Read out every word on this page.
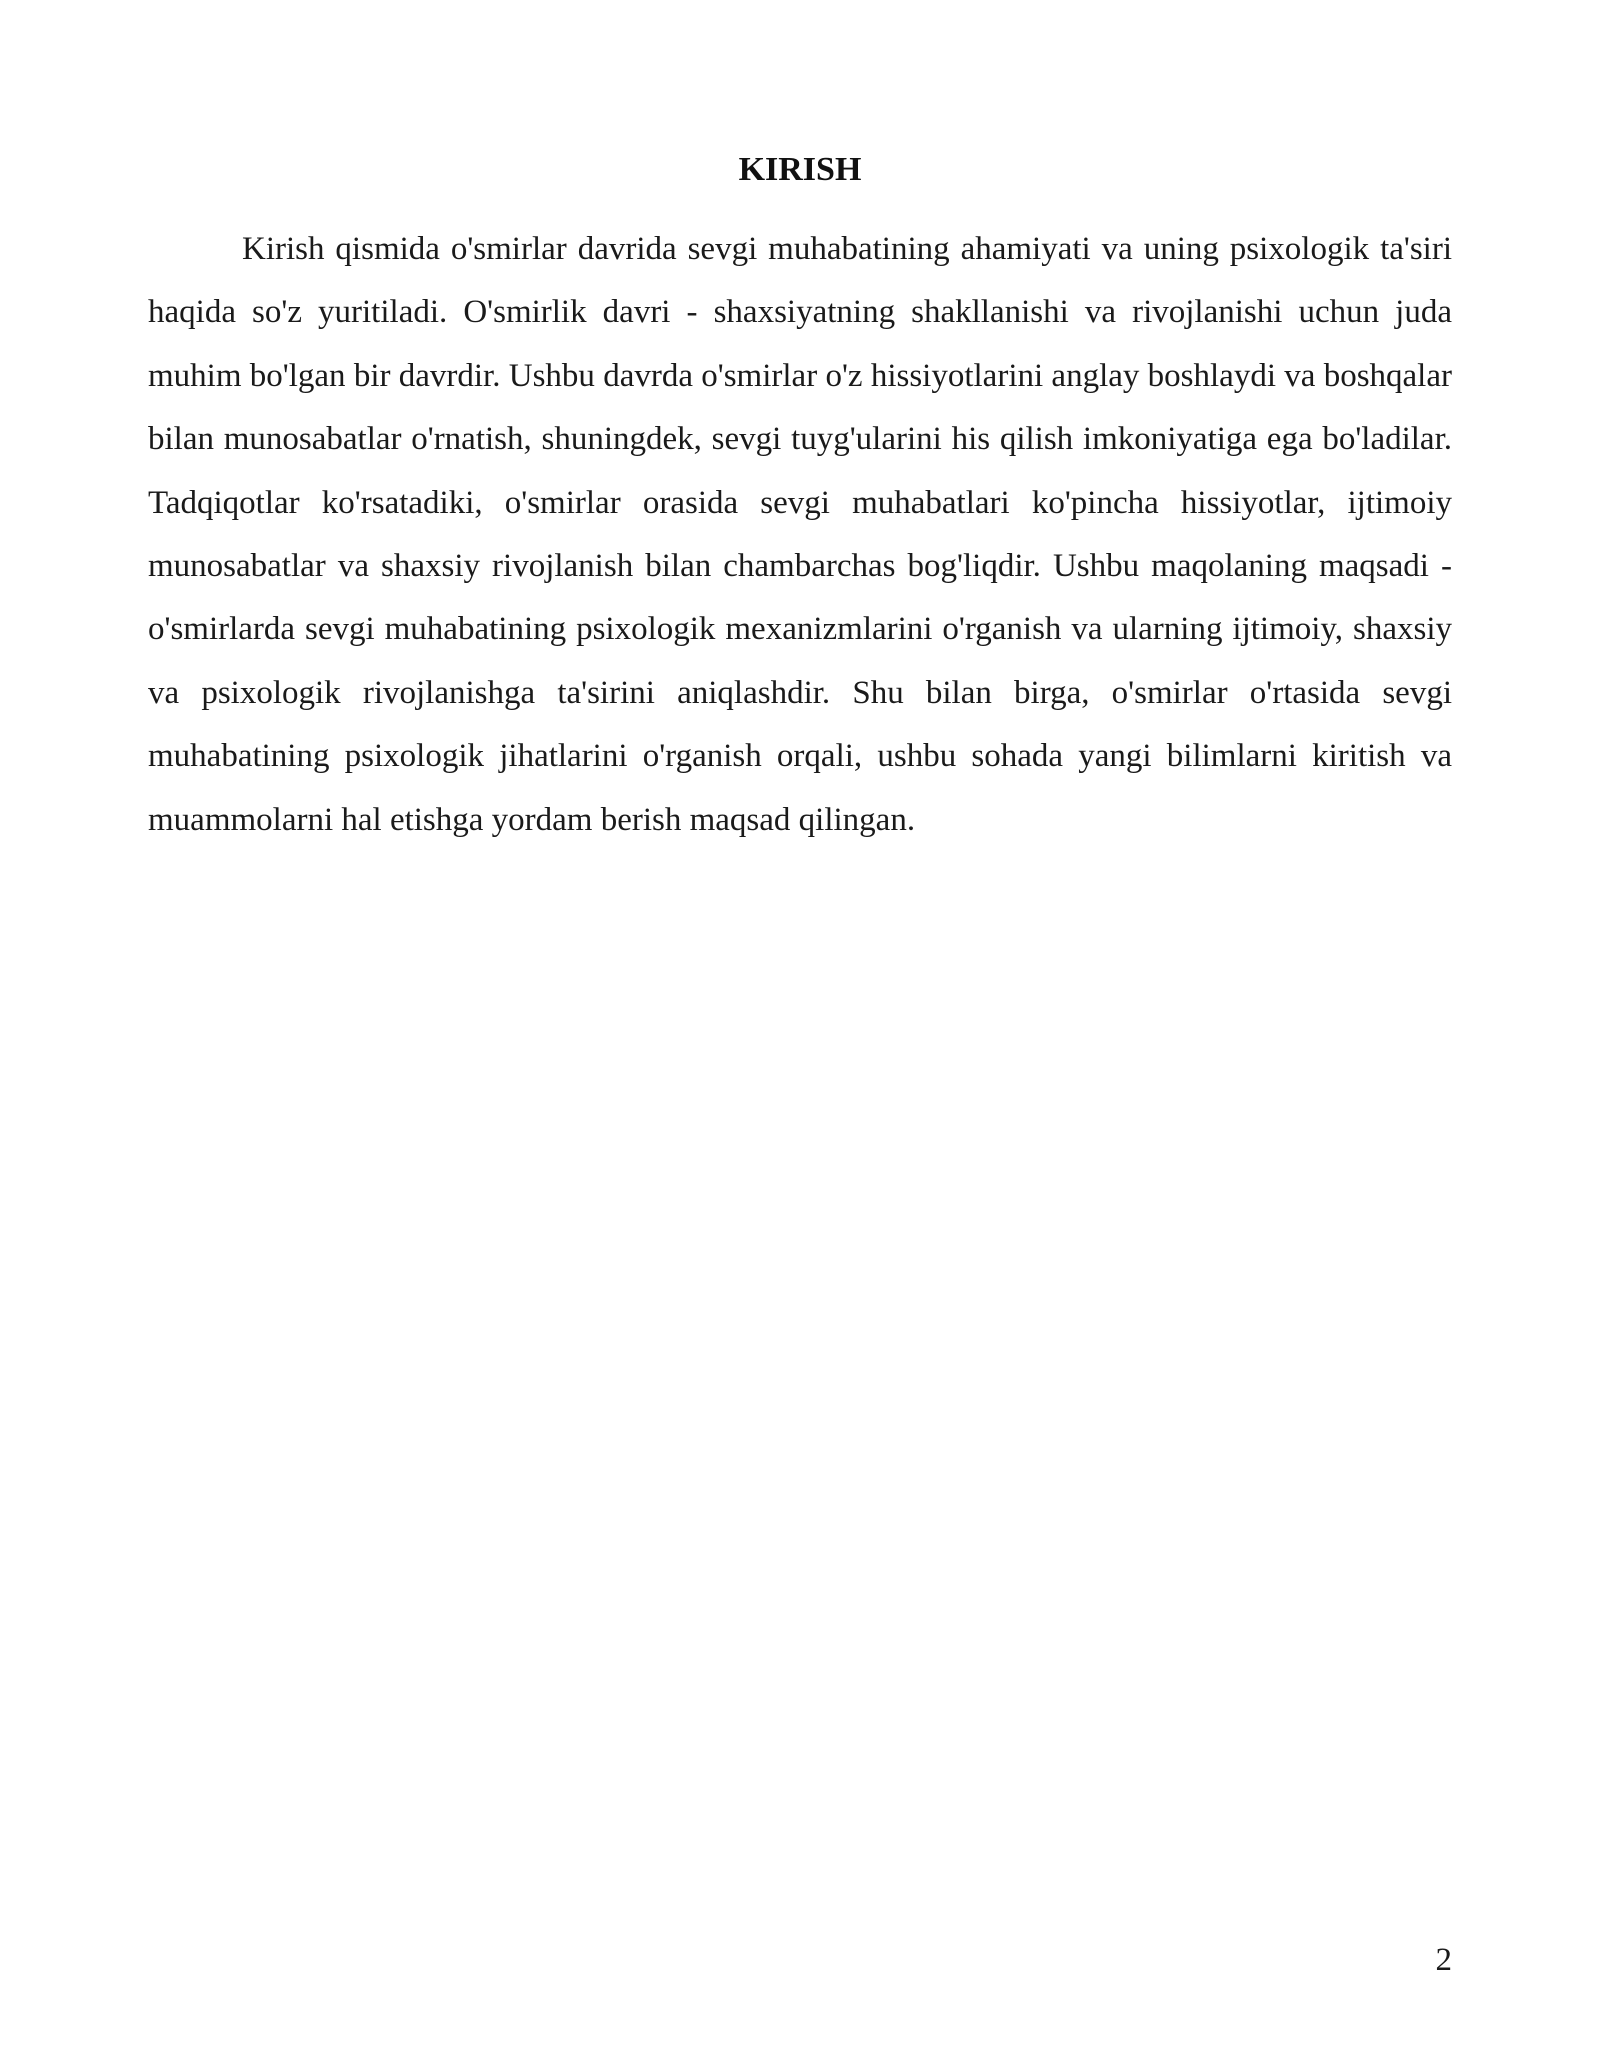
KIRISH

Kirish qismida o'smirlar davrida sevgi muhabatining ahamiyati va uning psixologik ta'siri haqida so'z yuritiladi. O'smirlik davri - shaxsiyatning shakllanishi va rivojlanishi uchun juda muhim bo'lgan bir davrdir. Ushbu davrda o'smirlar o'z hissiyotlarini anglay boshlaydi va boshqalar bilan munosabatlar o'rnatish, shuningdek, sevgi tuyg'ularini his qilish imkoniyatiga ega bo'ladilar. Tadqiqotlar ko'rsatadiki, o'smirlar orasida sevgi muhabatlari ko'pincha hissiyotlar, ijtimoiy munosabatlar va shaxsiy rivojlanish bilan chambarchas bog'liqdir. Ushbu maqolaning maqsadi - o'smirlarda sevgi muhabatining psixologik mexanizmlarini o'rganish va ularning ijtimoiy, shaxsiy va psixologik rivojlanishga ta'sirini aniqlashdir. Shu bilan birga, o'smirlar o'rtasida sevgi muhabatining psixologik jihatlarini o'rganish orqali, ushbu sohada yangi bilimlarni kiritish va muammolarni hal etishga yordam berish maqsad qilingan.

2
